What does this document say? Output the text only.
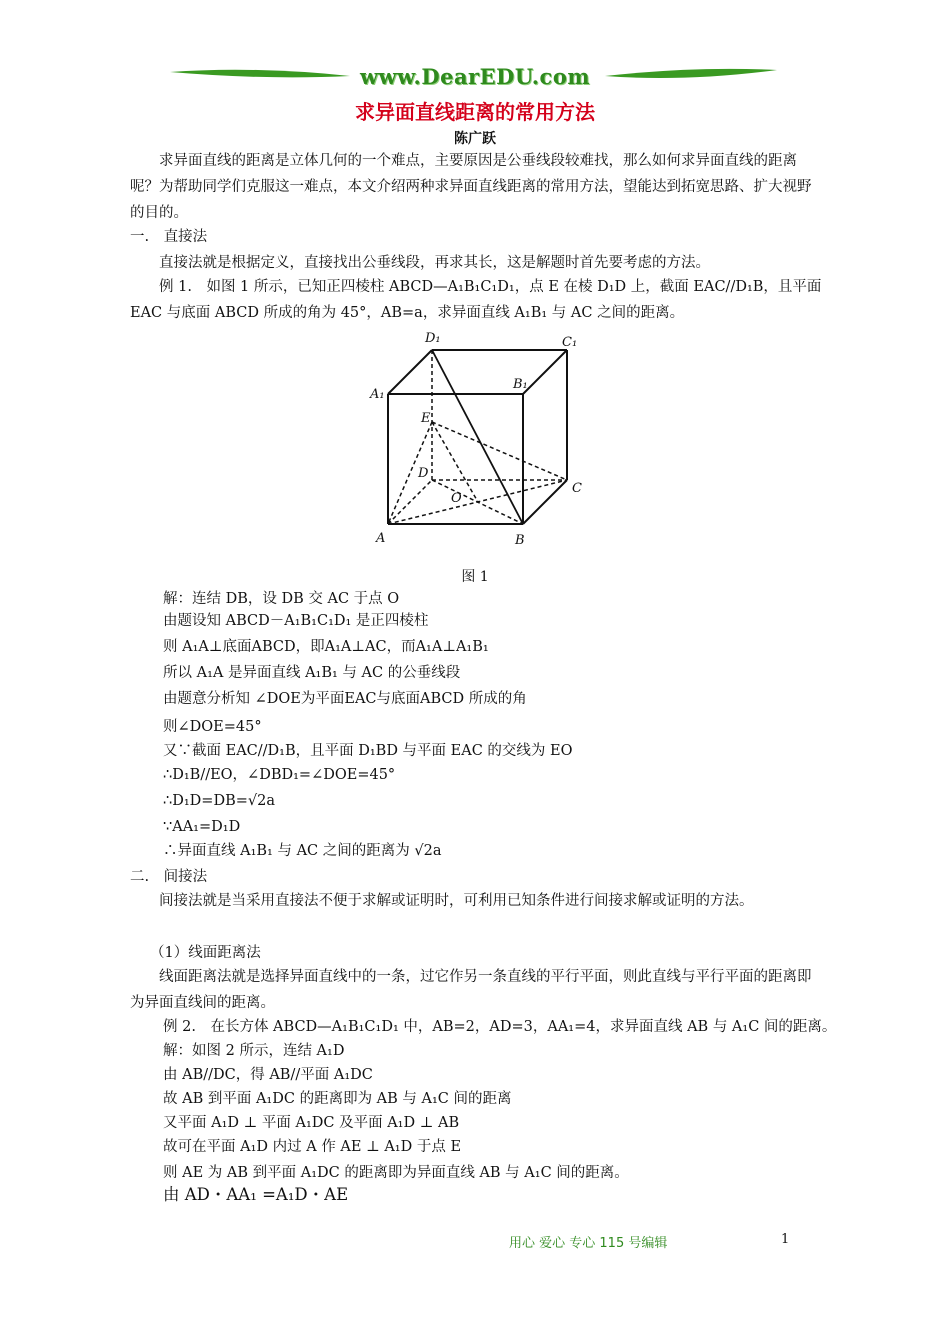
www.DearEDU.com
求异面直线距离的常用方法
陈广跃

求异面直线的距离是立体几何的一个难点，主要原因是公垂线段较难找，那么如何求异面直线的距离呢？为帮助同学们克服这一难点，本文介绍两种求异面直线距离的常用方法，望能达到拓宽思路、扩大视野的目的。

一.　直接法

直接法就是根据定义，直接找出公垂线段，再求其长，这是解题时首先要考虑的方法。

例 1.　如图 1 所示，已知正四棱柱 ABCD—A₁B₁C₁D₁，点 E 在棱 D₁D 上，截面 EAC//D₁B，且平面 EAC 与底面 ABCD 所成的角为 45°，AB=a，求异面直线 A₁B₁ 与 AC 之间的距离。

D₁	C₁
A₁
B₁
E
D
O
C
A	B
图 1
解：连结 DB，设 DB 交 AC 于点 O
由题设知 ABCD－A₁B₁C₁D₁ 是正四棱柱
则 A₁A⊥底面ABCD，即A₁A⊥AC，而A₁A⊥A₁B₁
所以 A₁A 是异面直线 A₁B₁ 与 AC 的公垂线段
由题意分析知 ∠DOE为平面EAC与底面ABCD 所成的角
则∠DOE=45°
又∵截面 EAC//D₁B，且平面 D₁BD 与平面 EAC 的交线为 EO
∴D₁B//EO，∠DBD₁=∠DOE=45°
∴D₁D=DB=√2a
∵AA₁=D₁D
∴异面直线 A₁B₁ 与 AC 之间的距离为 √2a
二.　间接法

间接法就是当采用直接法不便于求解或证明时，可利用已知条件进行间接求解或证明的方法。

（1）线面距离法

线面距离法就是选择异面直线中的一条，过它作另一条直线的平行平面，则此直线与平行平面的距离即为异面直线间的距离。

例 2.　在长方体 ABCD—A₁B₁C₁D₁ 中，AB=2，AD=3，AA₁=4，求异面直线 AB 与 A₁C 间的距离。
解：如图 2 所示，连结 A₁D
由 AB//DC，得 AB//平面 A₁DC
故 AB 到平面 A₁DC 的距离即为 AB 与 A₁C 间的距离
又平面 A₁D ⊥ 平面 A₁DC 及平面 A₁D ⊥ AB
故可在平面 A₁D 内过 A 作 AE ⊥ A₁D 于点 E
则 AE 为 AB 到平面 A₁DC 的距离即为异面直线 AB 与 A₁C 间的距离。
由 AD・AA₁ =A₁D・AE
用心 爱心 专心 115 号编辑	1
